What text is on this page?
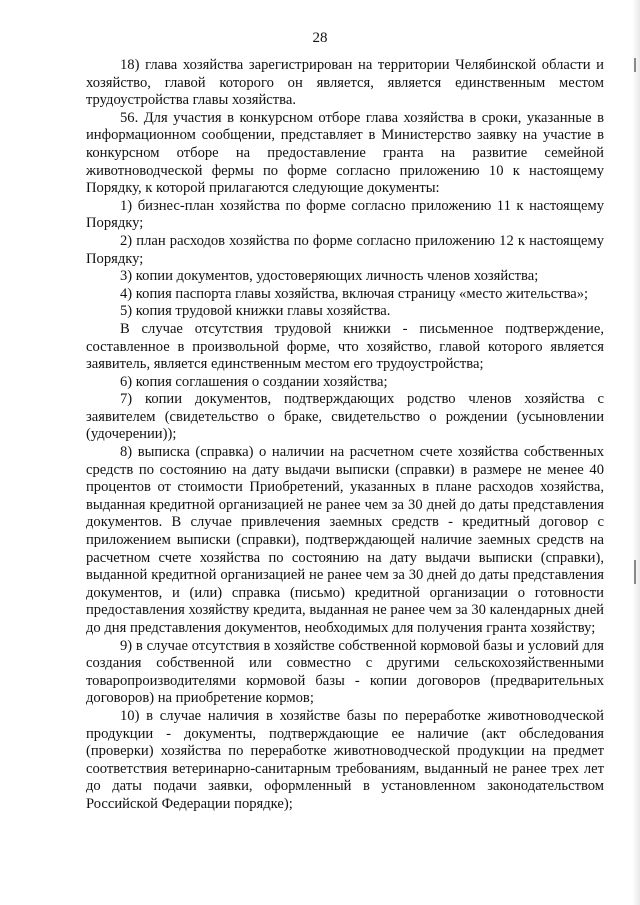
28

18) глава хозяйства зарегистрирован на территории Челябинской области и хозяйство, главой которого он является, является единственным местом трудоустройства главы хозяйства.

56. Для участия в конкурсном отборе глава хозяйства в сроки, указанные в информационном сообщении, представляет в Министерство заявку на участие в конкурсном отборе на предоставление гранта на развитие семейной животноводческой фермы по форме согласно приложению 10 к настоящему Порядку, к которой прилагаются следующие документы:

1) бизнес-план хозяйства по форме согласно приложению 11 к настоящему Порядку;

2) план расходов хозяйства по форме согласно приложению 12 к настоящему Порядку;

3) копии документов, удостоверяющих личность членов хозяйства;

4) копия паспорта главы хозяйства, включая страницу «место жительства»;

5) копия трудовой книжки главы хозяйства.

В случае отсутствия трудовой книжки - письменное подтверждение, составленное в произвольной форме, что хозяйство, главой которого является заявитель, является единственным местом его трудоустройства;

6) копия соглашения о создании хозяйства;

7) копии документов, подтверждающих родство членов хозяйства с заявителем (свидетельство о браке, свидетельство о рождении (усыновлении (удочерении));

8) выписка (справка) о наличии на расчетном счете хозяйства собственных средств по состоянию на дату выдачи выписки (справки) в размере не менее 40 процентов от стоимости Приобретений, указанных в плане расходов хозяйства, выданная кредитной организацией не ранее чем за 30 дней до даты представления документов. В случае привлечения заемных средств - кредитный договор с приложением выписки (справки), подтверждающей наличие заемных средств на расчетном счете хозяйства по состоянию на дату выдачи выписки (справки), выданной кредитной организацией не ранее чем за 30 дней до даты представления документов, и (или) справка (письмо) кредитной организации о готовности предоставления хозяйству кредита, выданная не ранее чем за 30 календарных дней до дня представления документов, необходимых для получения гранта хозяйству;

9) в случае отсутствия в хозяйстве собственной кормовой базы и условий для создания собственной или совместно с другими сельскохозяйственными товаропроизводителями кормовой базы - копии договоров (предварительных договоров) на приобретение кормов;

10) в случае наличия в хозяйстве базы по переработке животноводческой продукции - документы, подтверждающие ее наличие (акт обследования (проверки) хозяйства по переработке животноводческой продукции на предмет соответствия ветеринарно-санитарным требованиям, выданный не ранее трех лет до даты подачи заявки, оформленный в установленном законодательством Российской Федерации порядке);
